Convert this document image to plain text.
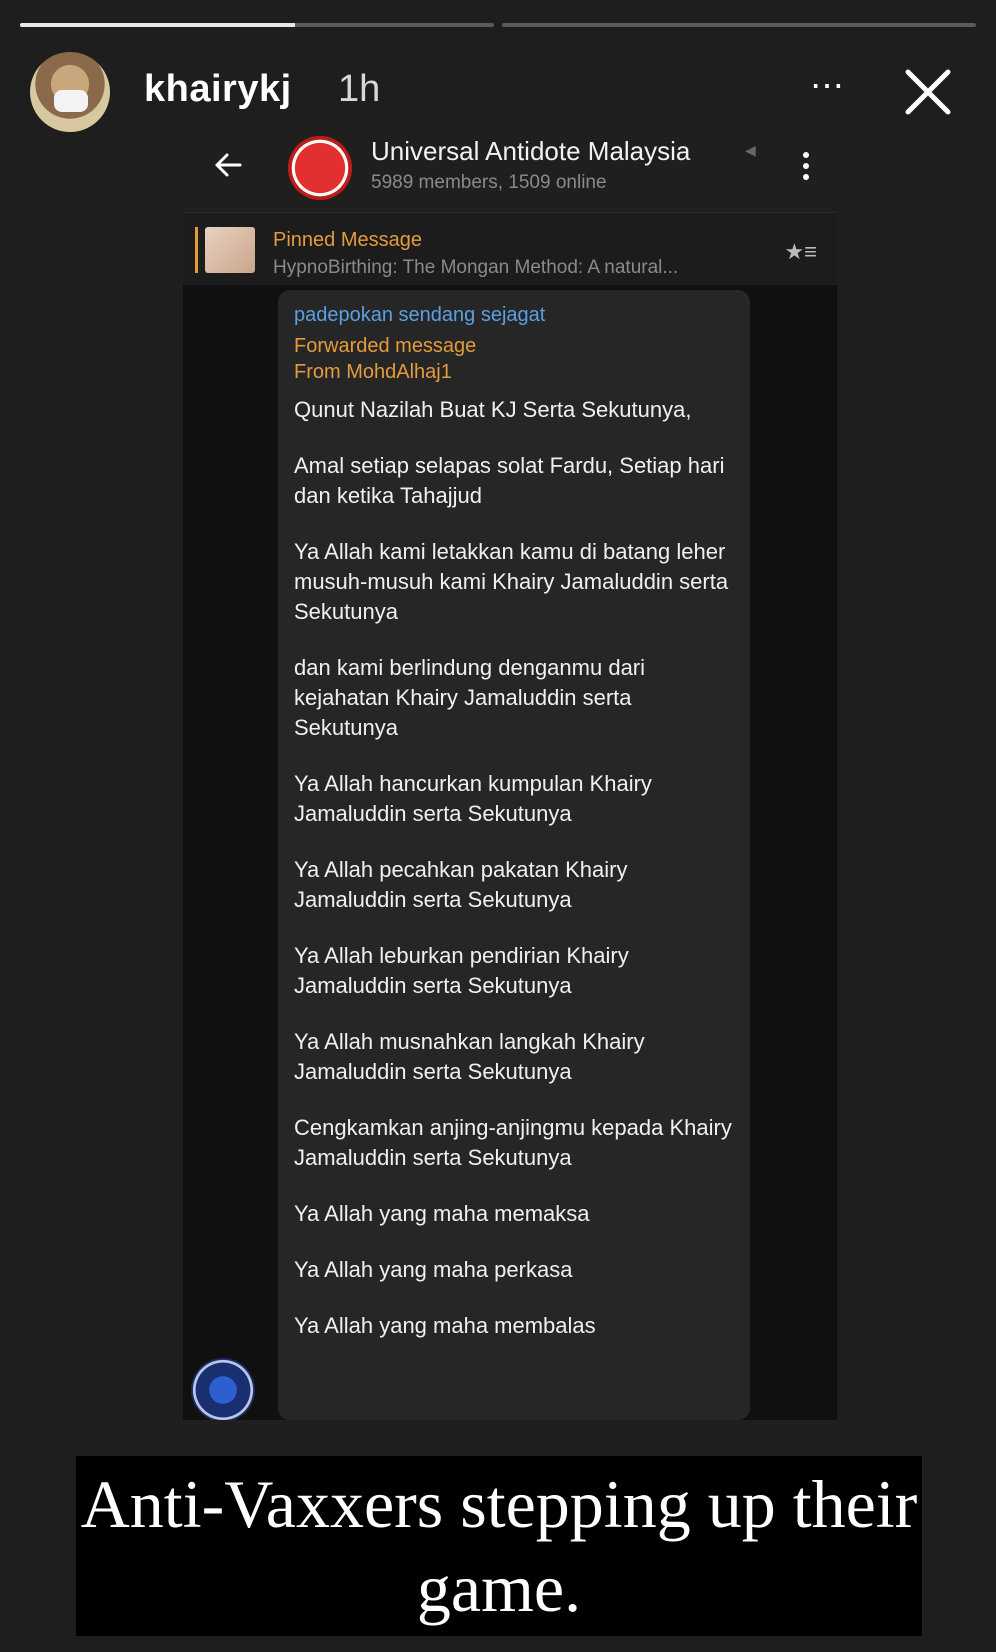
khairykj 1h	⋯
Universal Antidote Malaysia	◀
5989 members, 1509 online
Pinned Message
HypnoBirthing: The Mongan Method: A natural...
★≡
padepokan sendang sejagat
Forwarded message
From MohdAlhaj1

Qunut Nazilah Buat KJ Serta Sekutunya,

Amal setiap selapas solat Fardu, Setiap hari dan ketika Tahajjud

Ya Allah kami letakkan kamu di batang leher musuh-musuh kami Khairy Jamaluddin serta Sekutunya

dan kami berlindung denganmu dari kejahatan Khairy Jamaluddin serta Sekutunya

Ya Allah hancurkan kumpulan Khairy Jamaluddin serta Sekutunya

Ya Allah pecahkan pakatan Khairy Jamaluddin serta Sekutunya

Ya Allah leburkan pendirian Khairy Jamaluddin serta Sekutunya

Ya Allah musnahkan langkah Khairy Jamaluddin serta Sekutunya

Cengkamkan anjing-anjingmu kepada Khairy Jamaluddin serta Sekutunya

Ya Allah yang maha memaksa

Ya Allah yang maha perkasa

Ya Allah yang maha membalas

Anti-Vaxxers stepping up their game.
